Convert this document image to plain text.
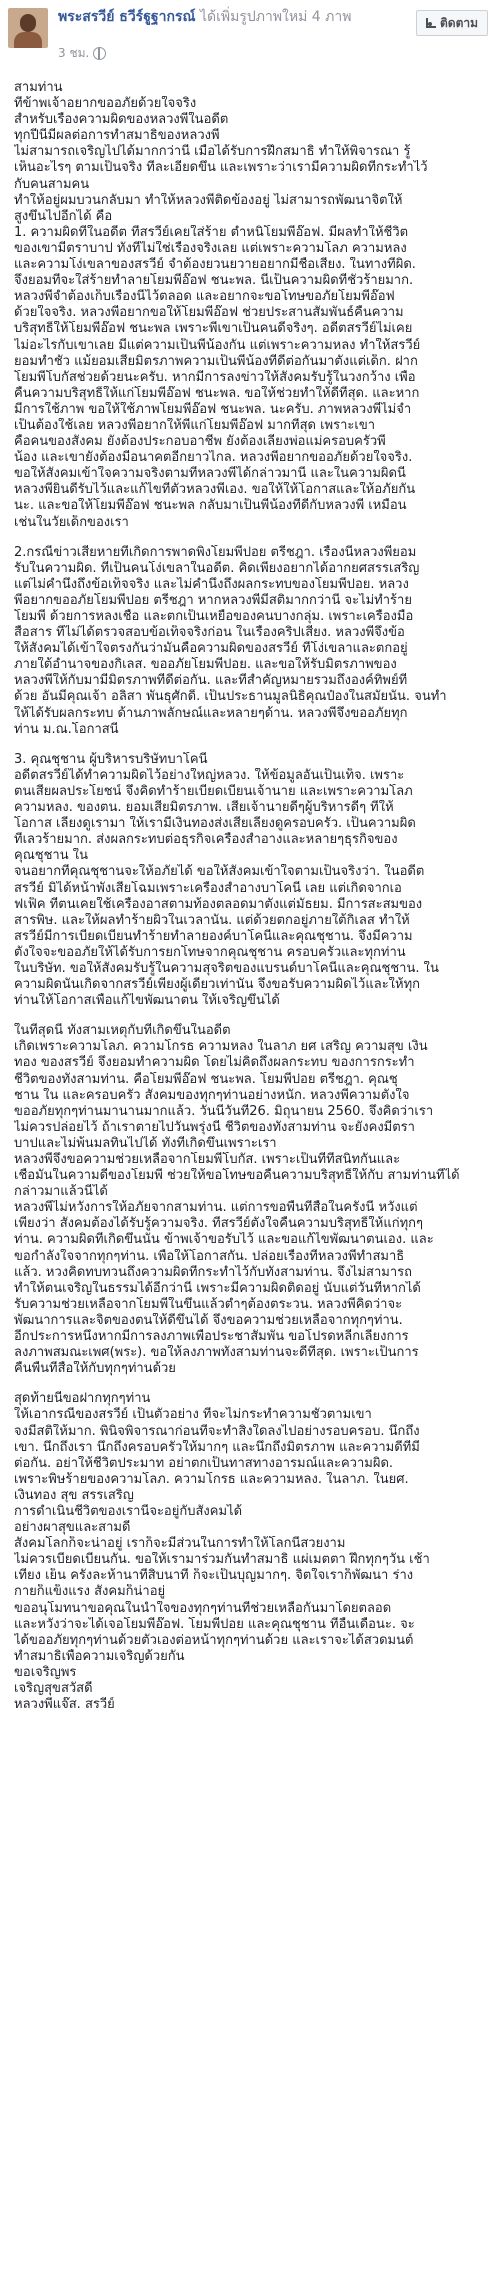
พระสรวีย์ ธวีร์ฐูฐากรณ์ ได้เพิ่มรูปภาพใหม่ 4 ภาพ
3 ชม.
ติดตาม
สามท่าน
ที่ข้าพเจ้าอยากขออภัยด้วยใจจริง
สำหรับเรื่องความผิดของหลวงพี่ในอดีต
ทุกปีนี้มีผลต่อการทำสมาธิของหลวงพี่
ไม่สามารถเจริญไปได้มากกว่านี้ เมื่อได้รับการฝึกสมาธิ ทำให้พิจารณา รู้
เห็นอะไรๆ ตามเป็นจริง ที่ละเอียดขึ้น และเพราะว่าเรามีความผิดที่กระทำไว้
กับคนสามคน
ทำให้อยู่ผมบวนกลับมา ทำให้หลวงพี่ติดข้องอยู่ ไม่สามารถพัฒนาจิตให้
สูงขึ้นไปอีกได้ คือ
1. ความผิดที่ในอดีต ที่สรวีย์เคยใส่ร้าย ตำหนิโยมพี่อ๊อฟ. มีผลทำให้ชีวิต
ของเขามีตราบาป ทั้งที่ไม่ใช่เรื่องจริงเลย แต่เพราะความโลภ ความหลง
และความโง่เขลาของสรวีย์ จำต้องยวนยวายอยากมีชื่อเสียง. ในทางที่ผิด.
จึงยอมที่จะใส่ร้ายทำลายโยมพี่อ๊อฟ ชนะพล. นี่เป็นความผิดที่ชั่วร้ายมาก.
หลวงพี่จำต้องเก็บเรื่องนี้ไว้ตลอด และอยากจะขอโทษขอภัยโยมพี่อ๊อฟ
ด้วยใจจริง. หลวงพี่อยากขอให้โยมพี่อ๊อฟ ช่วยประสานสัมพันธ์คืนความ
บริสุทธิ์ให้โยมพี่อ๊อฟ ชนะพล เพราะพี่เขาเป็นคนดีจริงๆ. อดีตสรวีย์ไม่เคย
ไม่อะไรกับเขาเลย มีแต่ความเป็นพี่น้องกัน แต่เพราะความหลง ทำให้สรวีย์
ยอมทำชั่ว แม้ยอมเสียมิตรภาพความเป็นพี่น้องที่ดีต่อกันมาตั้งแต่เด็ก. ฝาก
โยมพี่โบกัสช่วยด้วยนะครับ. หากมีการลงข่าวให้สังคมรับรู้ในวงกว้าง เพื่อ
คืนความบริสุทธิ์ให้แก่โยมพี่อ๊อฟ ชนะพล. ขอให้ช่วยทำให้ดีที่สุด. และหาก
มีการใช้ภาพ ขอให้ใช้ภาพโยมพี่อ๊อฟ ชนะพล. นะครับ. ภาพหลวงพี่ไม่จำ
เป็นต้องใช้เลย หลวงพี่อยากให้พี่แก่โยมพี่อ๊อฟ มากที่สุด เพราะเขา
คือคนของสังคม ยังต้องประกอบอาชีพ ยังต้องเลี้ยงพ่อแม่ครอบครัวพี่
น้อง และเขายังต้องมีอนาคตอีกยาวไกล. หลวงพี่อยากขออภัยด้วยใจจริง.
ขอให้สังคมเข้าใจความจริงตามที่หลวงพี่ได้กล่าวมานี้ และในความผิดนี้
หลวงพี่ยินดีรับไว้และแก้ไขที่ตัวหลวงพี่เอง. ขอให้ให้โอกาสและให้อภัยกัน
นะ. และขอให้โยมพี่อ๊อฟ ชนะพล กลับมาเป็นพี่น้องที่ดีกับหลวงพี่ เหมือน
เช่นในวัยเด็กของเรา
2.กรณีข่าวเสียหายที่เกิดการพาดพิงโยมพี่ปอย ตรีชฎา. เรื่องนี้หลวงพี่ยอม
รับในความผิด. ที่เป็นคนโง่เขลาในอดีต. คิดเพียงอยากได้อากยศสรรเสริญ
แต่ไม่คำนึงถึงข้อเท็จจริง และไม่คำนึงถึงผลกระทบของโยมพี่ปอย. หลวง
พี่อยากขออภัยโยมพี่ปอย ตรีชฎา หากหลวงพี่มีสติมากกว่านี้ จะไม่ทำร้าย
โยมพี่ ด้วยการหลงเชื่อ และตกเป็นเหยื่อของคนบางกลุ่ม. เพราะเครื่องมือ
สื่อสาร ที่ไม่ได้ตรวจสอบข้อเท็จจริงก่อน ในเรื่องคริปเสียง. หลวงพี่จึงข้อ
ให้สังคมได้เข้าใจตรงกันว่ามันคือความผิดของสรวีย์ ที่โง่เขลาและตกอยู่
ภายใต้อำนาจของกิเลส. ขออภัยโยมพี่ปอย. และขอให้รับมิตรภาพของ
หลวงพี่ให้กับมามีมิตรภาพที่ดีต่อกัน. และที่สำคัญหมายรวมถึงองค์ทิพย์ที่
ด้วย อันมีคุณเจ้า อลิสา พันธุศักดิ์. เป็นประธานมูลนิธิคุณป๋องในสมัยนั้น. จนทำ
ให้ได้รับผลกระทบ ด้านภาพลักษณ์และหลายๆด้าน. หลวงพี่จึงขออภัยทุก
ท่าน ม.ณ.โอกาสนี้
3. คุณชุชาน ผู้บริหารบริษัทบาโคนี่
อดีตสรวีย์ได้ทำความผิดไว้อย่างใหญ่หลวง. ให้ข้อมูลอันเป็นเท็จ. เพราะ
ตนเสียผลประโยชน์ จึงคิดทำร้ายเบียดเบียนเจ้านาย และเพราะความโลภ
ความหลง. ของตน. ยอมเสียมิตรภาพ. เสียเจ้านายดีๆผู้บริหารดีๆ ที่ให้
โอกาส เลี้ยงดูเรามา ให้เรามีเงินทองส่งเสียเลี้ยงดูครอบครัว. เป็นความผิด
ที่เลวร้ายมาก. ส่งผลกระทบต่อธุรกิจเครื่องสำอางและหลายๆธุรกิจของ
คุณชุชาน ใน
จนอยากที่คุณชุชานจะให้อภัยได้ ขอให้สังคมเข้าใจตามเป็นจริงว่า. ในอดีต
สรวีย์ มิได้หน้าพังเสียโฉมเพราะเครื่องสำอางบาโคนี่ เลย แต่เกิดจากเอ
ฟเฟ็ค ที่ตนเคยใช้เครื่องอาสตามท้องตลอดมาตั้งแต่มัธยม. มีการสะสมของ
สารพิษ. และให้ผลทำร้ายผิวในเวลานั้น. แต่ด้วยตกอยู่ภายใต้กิเลส ทำให้
สรวีย์มีการเบียดเบียนทำร้ายทำลายองค์บาโคนี่และคุณชุชาน. จึงมีความ
ตั้งใจจะขออภัยให้ได้รับการยกโทษจากคุณชุชาน ครอบครัวและทุกท่าน
ในบริษัท. ขอให้สังคมรับรู้ในความสุจริตของแบรนด์บาโคนี่และคุณชุชาน. ใน
ความผิดนั้นเกิดจากสรวีย์เพียงผู้เดียวเท่านั้น จึงขอรับความผิดไว้และให้ทุก
ท่านให้โอกาสเพื่อแก้ไขพัฒนาตน ให้เจริญขึ้นได้
ในที่สุดนี้ ทั้งสามเหตุกับที่เกิดขึ้นในอดีต
เกิดเพราะความโลภ. ความโกรธ ความหลง ในลาภ ยศ เสริญ ความสุข เงิน
ทอง ของสรวีย์ จึงยอมทำความผิด โดยไม่คิดถึงผลกระทบ ของการกระทำ
ชีวิตของทั้งสามท่าน. คือโยมพี่อ๊อฟ ชนะพล. โยมพี่ปอย ตรีชฎา. คุณชุ
ชาน ใน และครอบครัว สังคมของทุกๆท่านอย่างหนัก. หลวงพี่ความตั้งใจ
ขออภัยทุกๆท่านมานานมากแล้ว. วันนี้วันที่26. มิถุนายน 2560. จึงคิดว่าเรา
ไม่ควรปล่อยไว้ ถ้าเราตายไปวันพรุ่งนี้ ชีวิตของทั้งสามท่าน จะยังคงมีตรา
บาปและไม่พ้นมลทินไปได้ ทั้งที่เกิดขึ้นเพราะเรา
หลวงพี่จึงขอความช่วยเหลือจากโยมพี่โบกัส. เพราะเป็นที่ที่สนิทกันและ
เชื่อมั่นในความดีของโยมพี่ ช่วยให้ขอโทษขอคืนความบริสุทธิ์ให้กับ สามท่านที่ได้
กล่าวมาแล้วนี้ได้
หลวงพี่ไม่หวังการให้อภัยจากสามท่าน. แต่การขอพื้นที่สื่อในครั้งนี้ หวังแต่
เพียงว่า สังคมต้องได้รับรู้ความจริง. ที่สรวีย์ตั้งใจคืนความบริสุทธิ์ให้แก่ทุกๆ
ท่าน. ความผิดที่เกิดขึ้นนั้น ข้าพเจ้าขอรับไว้ และขอแก้ไขพัฒนาตนเอง. และ
ขอกำลังใจจากทุกๆท่าน. เพื่อให้โอกาสกัน. ปล่อยเรื่องที่หลวงพี่ทำสมาธิ
แล้ว. หวงคิดทบทวนถึงความผิดที่กระทำไว้กับทั้งสามท่าน. จึงไม่สามารถ
ทำให้ตนเจริญในธรรมได้อีกว่านี้ เพราะมีความผิดติดอยู่ นับแต่วันที่หากได้
รับความช่วยเหลือจากโยมพี่ในขึ้นแล้วต่ำๆต้องตระวน. หลวงพี่คิดว่าจะ
พัฒนาการและจิตของตนให้ดีขึ้นได้ จึงขอความช่วยเหลือจากทุกๆท่าน.
อีกประการหนึ่งหากมีการลงภาพเพื่อประชาสัมพัน ขอโปรดหลีกเลี่ยงการ
ลงภาพสมณะเพศ(พระ). ขอให้ลงภาพทั้งสามท่านจะดีที่สุด. เพราะเป็นการ
คืนพื้นที่สื่อให้กับทุกๆท่านด้วย
สุดท้ายนี้ขอฝากทุกๆท่าน
ให้เอากรณีของสรวีย์ เป็นตัวอย่าง ที่จะไม่กระทำความชั่วตามเขา
จงมีสติให้มาก. พินิจพิจารณาก่อนที่จะทำสิ่งใดลงไปอย่างรอบครอบ. นึกถึง
เขา. นึกถึงเรา นึกถึงครอบครัวให้มากๆ และนึกถึงมิตรภาพ และความดีที่มี
ต่อกัน. อย่าให้ชีวิตประมาท อย่าตกเป็นทาสทางอารมณ์และความผิด.
เพราะพิษร้ายของความโลภ. ความโกรธ และความหลง. ในลาภ. ในยศ.
เงินทอง สุข สรรเสริญ
การดำเนินชีวิตของเรานี้จะอยู่กับสังคมได้
อย่างผาสุขและสามดี
สังคมโลกก็จะน่าอยู่ เราก็จะมีส่วนในการทำให้โลกนี้สวยงาม
ไม่ควรเบียดเบียนกัน. ขอให้เรามาร่วมกันทำสมาธิ แผ่เมตตา ฝึกทุกๆวัน เช้า
เที่ยง เย็น ครั้งละห้านาทีสิบนาที ก็จะเป็นบุญมากๆ. จิตใจเราก็พัฒนา ร่าง
กายก็แข็งแรง สังคมก็น่าอยู่
ขออนุโมทนาขอคุณในน้ำใจของทุกๆท่านที่ช่วยเหลือกันมาโดยตลอด
และหวังว่าจะได้เจอโยมพี่อ๊อฟ. โยมพี่ปอย และคุณชุชาน ที่อื่นเดือนะ. จะ
ได้ขออภัยทุกๆท่านด้วยตัวเองต่อหน้าทุกๆท่านด้วย และเราจะได้สวดมนต์
ทำสมาธิเพื่อความเจริญด้วยกัน
ขอเจริญพร
เจริญสุขสวัสดี
หลวงพี่แจ๊ส. สรวีย์
